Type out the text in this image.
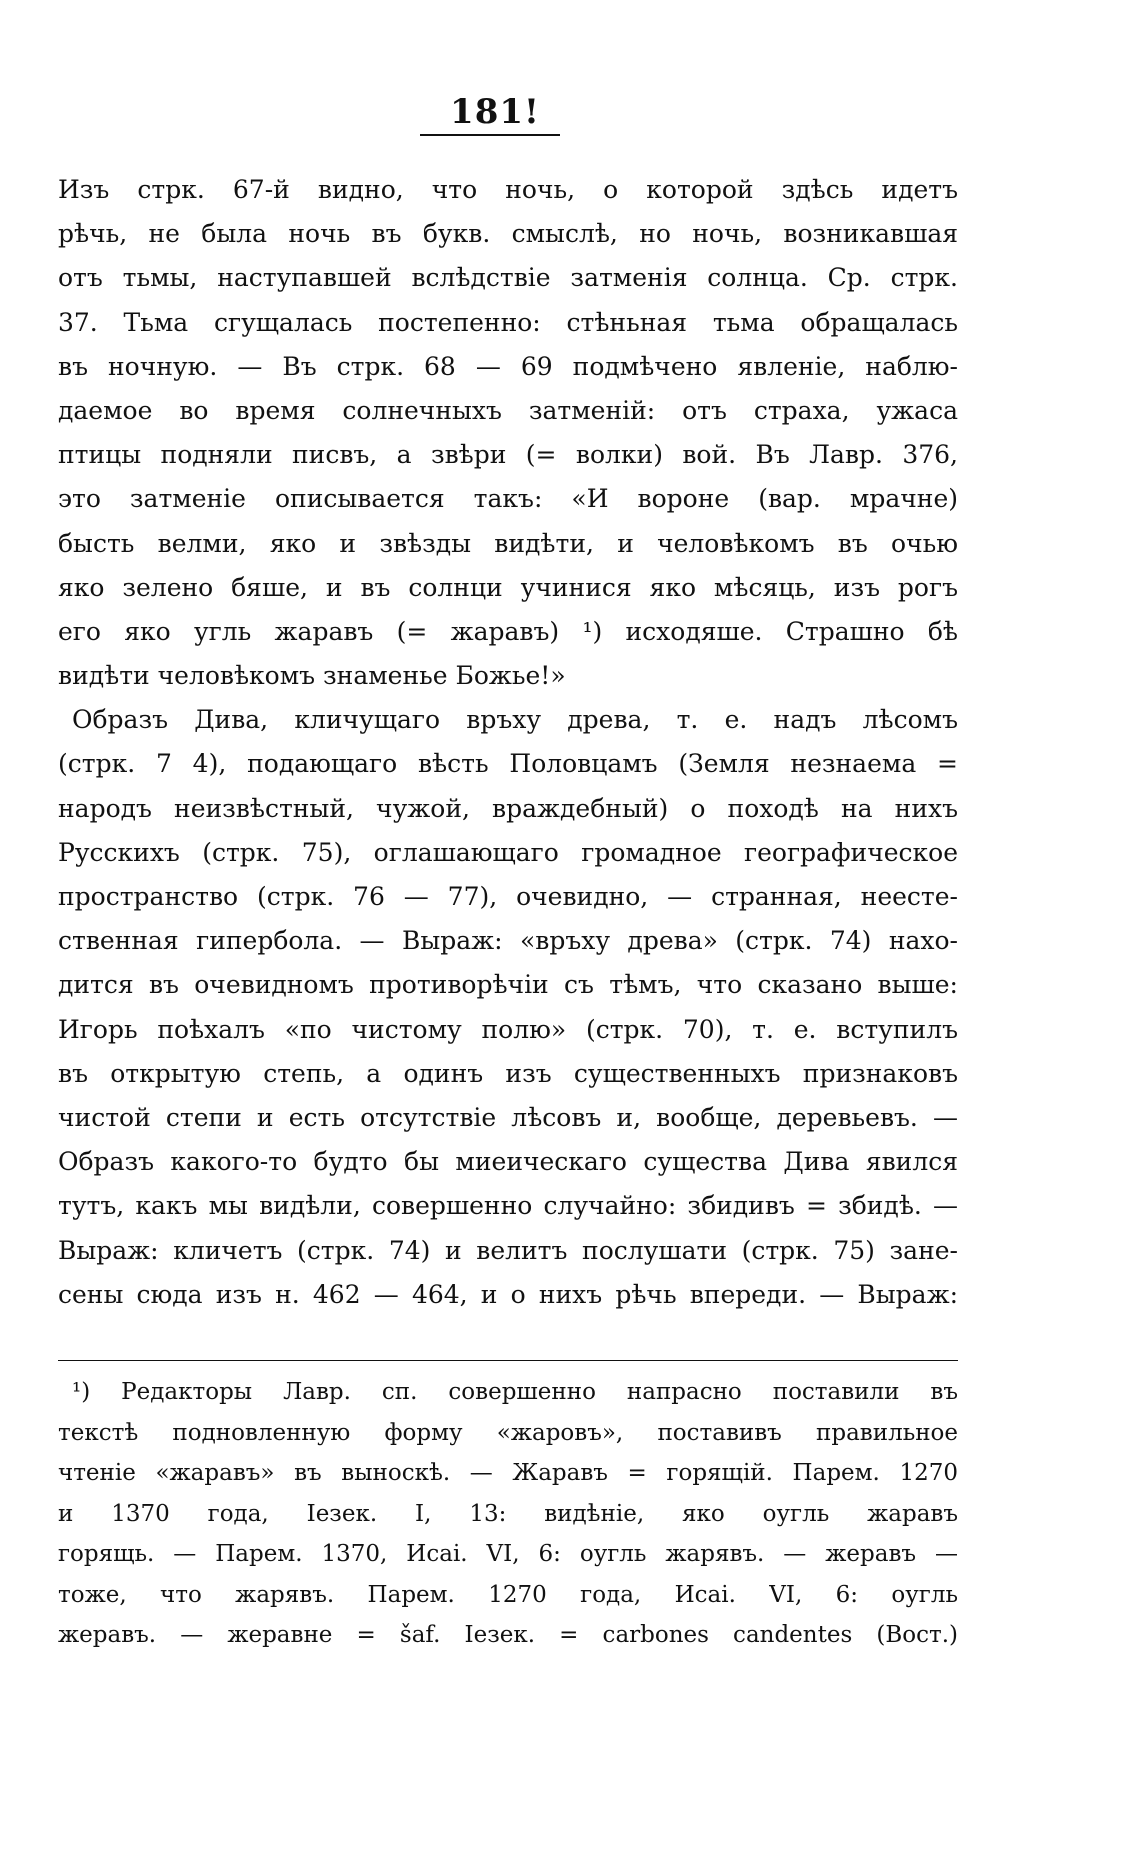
181!
Изъ стрк. 67-й видно, что ночь, о которой здѣсь идетъ
рѣчь, не была ночь въ букв. смыслѣ, но ночь, возникавшая
отъ тьмы, наступавшей вслѣдствіе затменія солнца. Ср. стрк.
37. Тьма сгущалась постепенно: стѣньная тьма обращалась
въ ночную. — Въ стрк. 68 — 69 подмѣчено явленіе, наблю-
даемое во время солнечныхъ затменій: отъ страха, ужаса
птицы подняли писвъ, а звѣри (= волки) вой. Въ Лавр. 376,
это затменіе описывается такъ: «И вороне (вар. мрачне)
бысть велми, яко и звѣзды видѣти, и человѣкомъ въ очью
яко зелено бяше, и въ солнци учинися яко мѣсяць, изъ рогъ
его яко угль жаравъ (= жаравъ) ¹) исходяше. Страшно бѣ
видѣти человѣкомъ знаменье Божье!»
Образъ Дива, кличущаго връху древа, т. е. надъ лѣсомъ
(стрк. 7 4), подающаго вѣсть Половцамъ (Земля незнаема =
народъ неизвѣстный, чужой, враждебный) о походѣ на нихъ
Русскихъ (стрк. 75), оглашающаго громадное географическое
пространство (стрк. 76 — 77), очевидно, — странная, неесте-
ственная гипербола. — Выраж: «връху древа» (стрк. 74) нахо-
дится въ очевидномъ противорѣчіи съ тѣмъ, что сказано выше:
Игорь поѣхалъ «по чистому полю» (стрк. 70), т. е. вступилъ
въ открытую степь, а одинъ изъ существенныхъ признаковъ
чистой степи и есть отсутствіе лѣсовъ и, вообще, деревьевъ. —
Образъ какого-то будто бы миеическаго существа Дива явился
тутъ, какъ мы видѣли, совершенно случайно: збидивъ = збидѣ. —
Выраж: кличетъ (стрк. 74) и велитъ послушати (стрк. 75) зане-
сены сюда изъ н. 462 — 464, и о нихъ рѣчь впереди. — Выраж:
¹) Редакторы Лавр. сп. совершенно напрасно поставили въ
текстѣ подновленную форму «жаровъ», поставивъ правильное
чтеніе «жаравъ» въ выноскѣ. — Жаравъ = горящій. Парем. 1270
и 1370 года, Іезек. І, 13: видѣніе, яко оугль жаравъ
горящь. — Парем. 1370, Исаі. VI, 6: оугль жарявъ. — жеравъ —
тоже, что жарявъ. Парем. 1270 года, Исаі. VI, 6: оугль
жеравъ. — жеравне = šaf. Іезек. = carbones candentes (Вост.)
